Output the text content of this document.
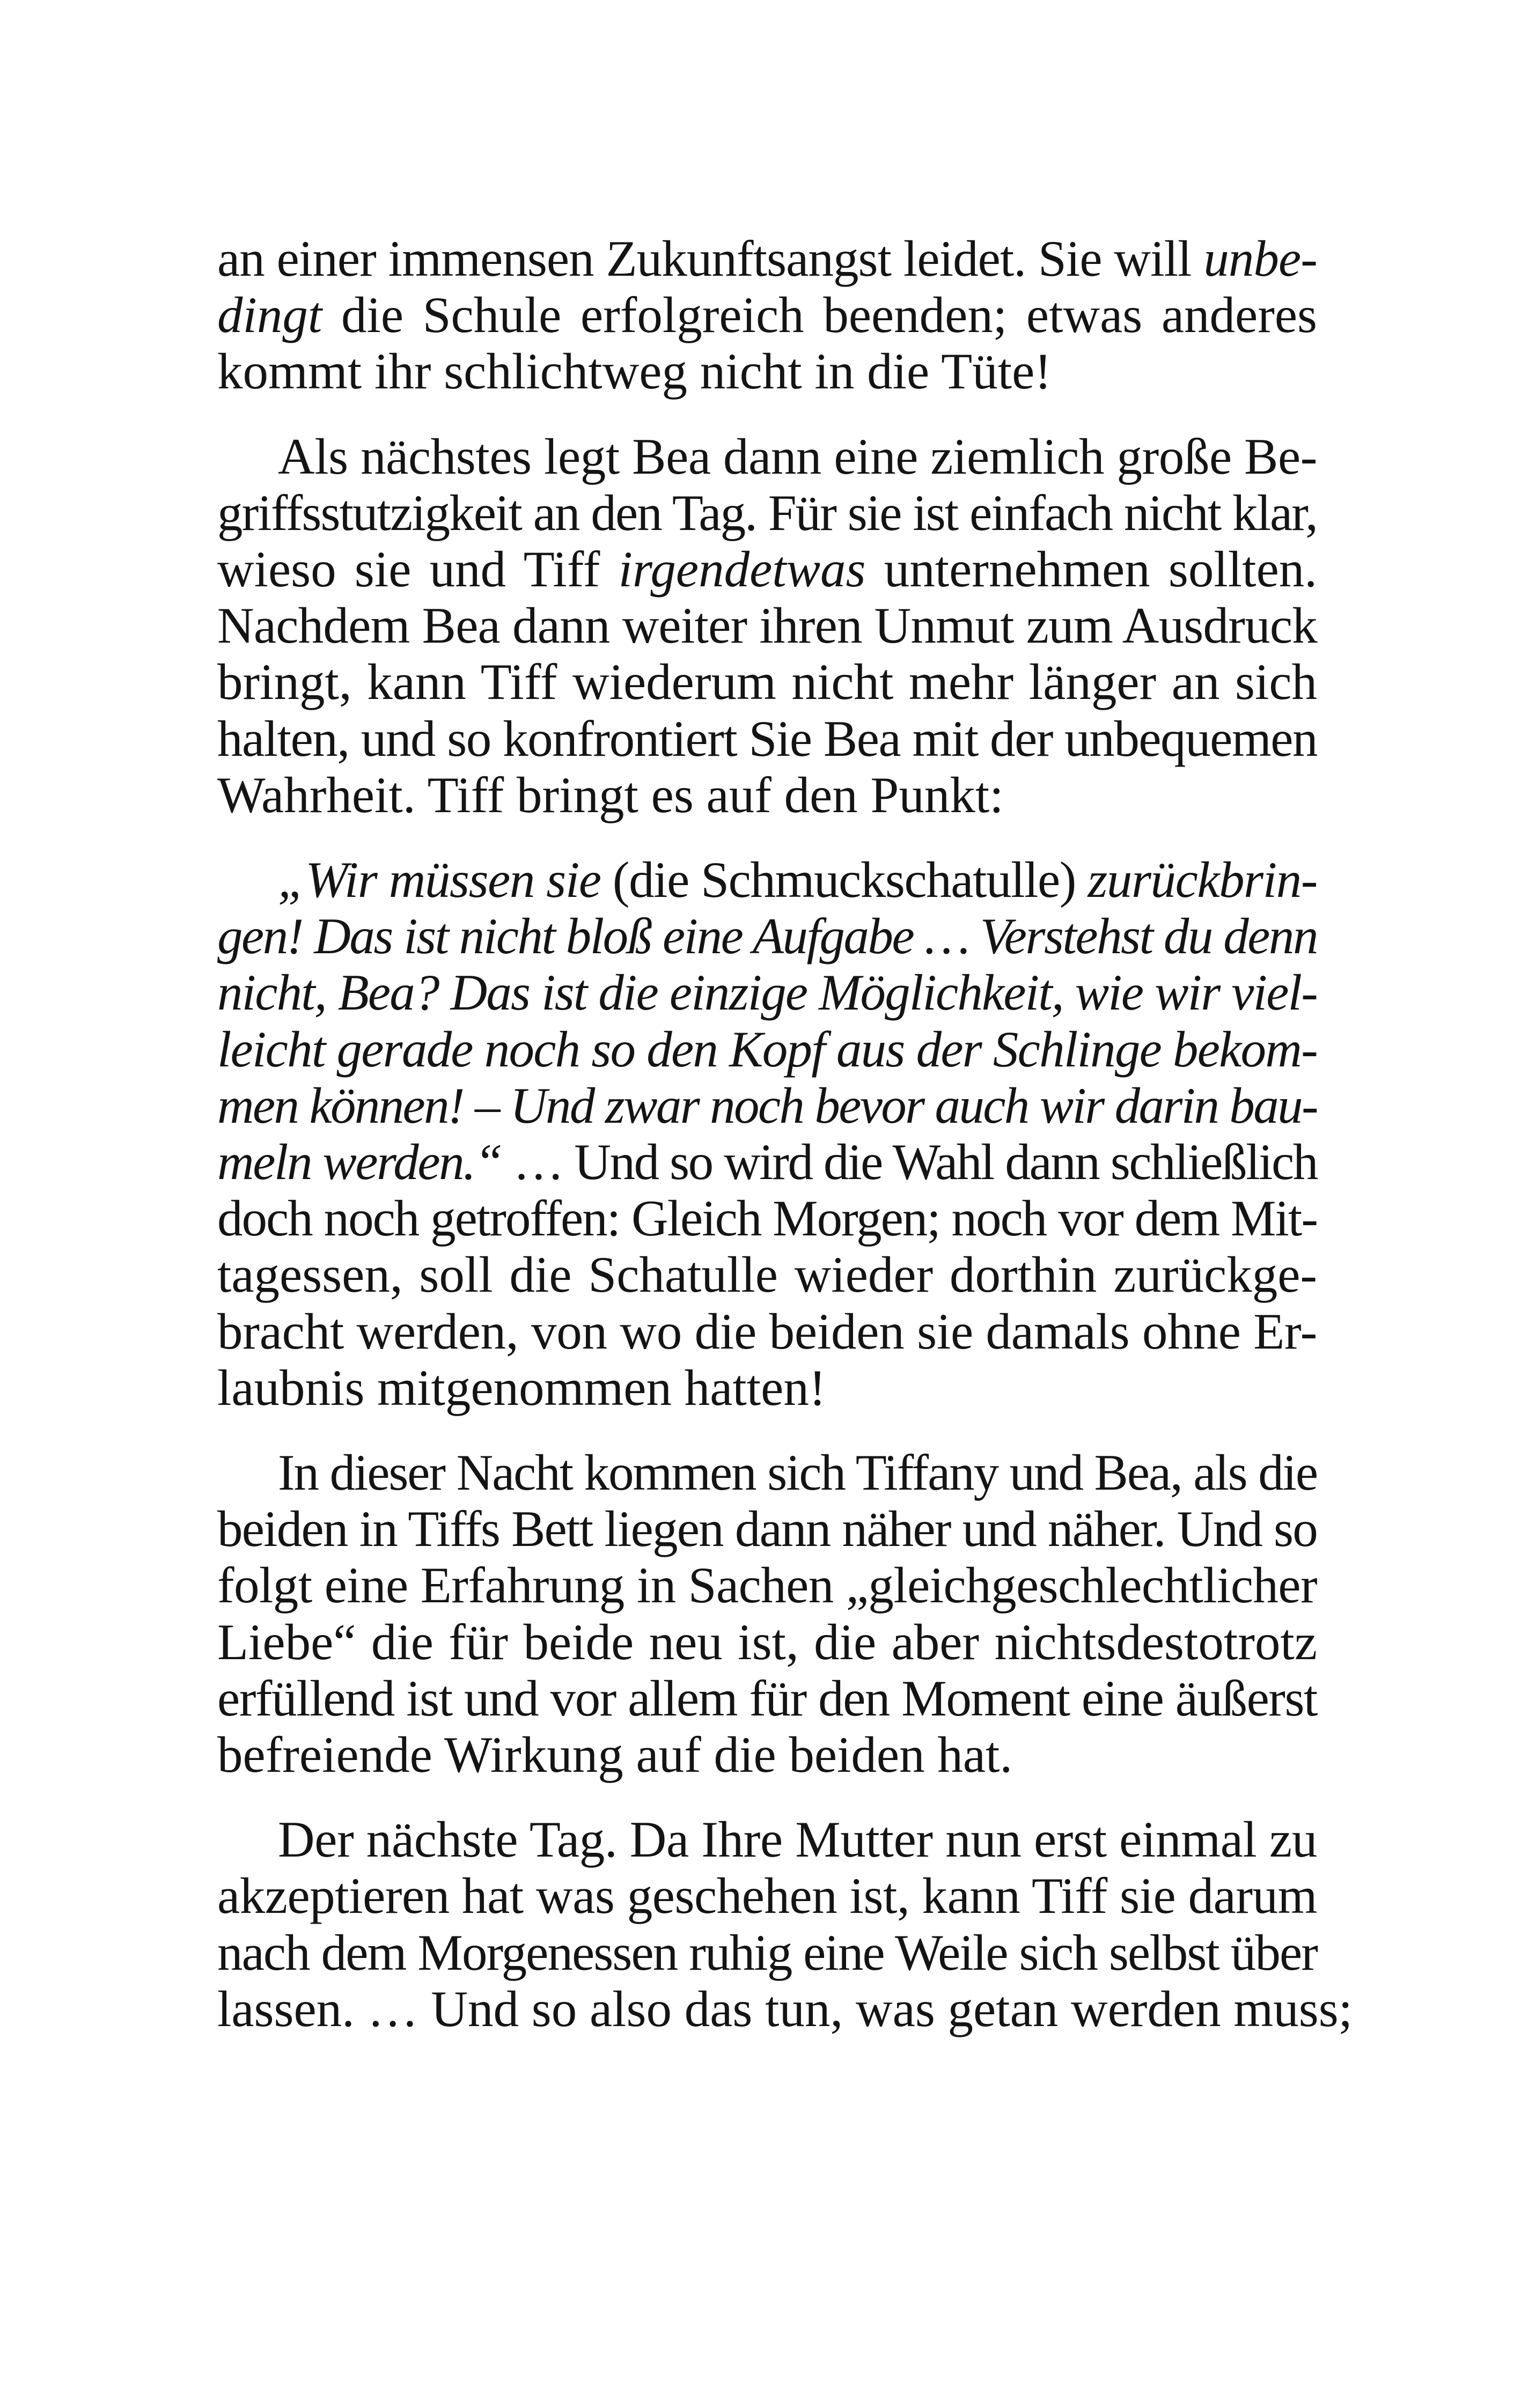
an einer immensen Zukunftsangst leidet. Sie will unbe-
dingt die Schule erfolgreich beenden; etwas anderes
kommt ihr schlichtweg nicht in die Tüte!

Als nächstes legt Bea dann eine ziemlich große Be-
griffsstutzigkeit an den Tag. Für sie ist einfach nicht klar,
wieso sie und Tiff irgendetwas unternehmen sollten.
Nachdem Bea dann weiter ihren Unmut zum Ausdruck
bringt, kann Tiff wiederum nicht mehr länger an sich
halten, und so konfrontiert Sie Bea mit der unbequemen
Wahrheit. Tiff bringt es auf den Punkt:

„Wir müssen sie (die Schmuckschatulle) zurückbrin-
gen! Das ist nicht bloß eine Aufgabe … Verstehst du denn
nicht, Bea? Das ist die einzige Möglichkeit, wie wir viel-
leicht gerade noch so den Kopf aus der Schlinge bekom-
men können! – Und zwar noch bevor auch wir darin bau-
meln werden.“ … Und so wird die Wahl dann schließlich
doch noch getroffen: Gleich Morgen; noch vor dem Mit-
tagessen, soll die Schatulle wieder dorthin zurückge-
bracht werden, von wo die beiden sie damals ohne Er-
laubnis mitgenommen hatten!

In dieser Nacht kommen sich Tiffany und Bea, als die
beiden in Tiffs Bett liegen dann näher und näher. Und so
folgt eine Erfahrung in Sachen „gleichgeschlechtlicher
Liebe“ die für beide neu ist, die aber nichtsdestotrotz
erfüllend ist und vor allem für den Moment eine äußerst
befreiende Wirkung auf die beiden hat.

Der nächste Tag. Da Ihre Mutter nun erst einmal zu
akzeptieren hat was geschehen ist, kann Tiff sie darum
nach dem Morgenessen ruhig eine Weile sich selbst über
lassen. … Und so also das tun, was getan werden muss;
